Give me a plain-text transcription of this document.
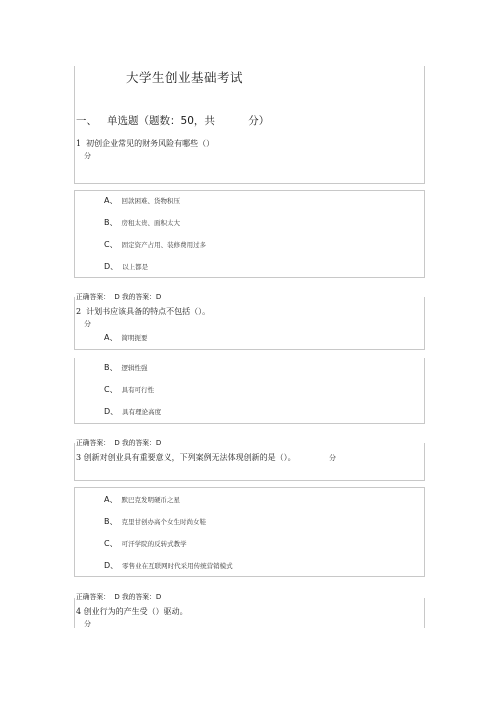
大学生创业基础考试
一、 单选题（题数：50，共	分）
1  初创企业常见的财务风险有哪些（）
分
A、 回款困难、货物积压
B、 房租太贵、面积太大
C、 固定资产占用、装修费用过多
D、 以上都是
正确答案： D 我的答案：D
2  计划书应该具备的特点不包括（）。
分
A、 简明扼要
B、 逻辑性强
C、 具有可行性
D、 具有理论高度
正确答案： D 我的答案：D
3 创新对创业具有重要意义，下列案例无法体现创新的是（）。	分
A、 默巴克发明硬币之星
B、 克里甘创办高个女生时尚女鞋
C、 可汗学院的反转式教学
D、 零售业在互联网时代采用传统营销模式
正确答案： D 我的答案：D
4 创业行为的产生受（）驱动。
分
